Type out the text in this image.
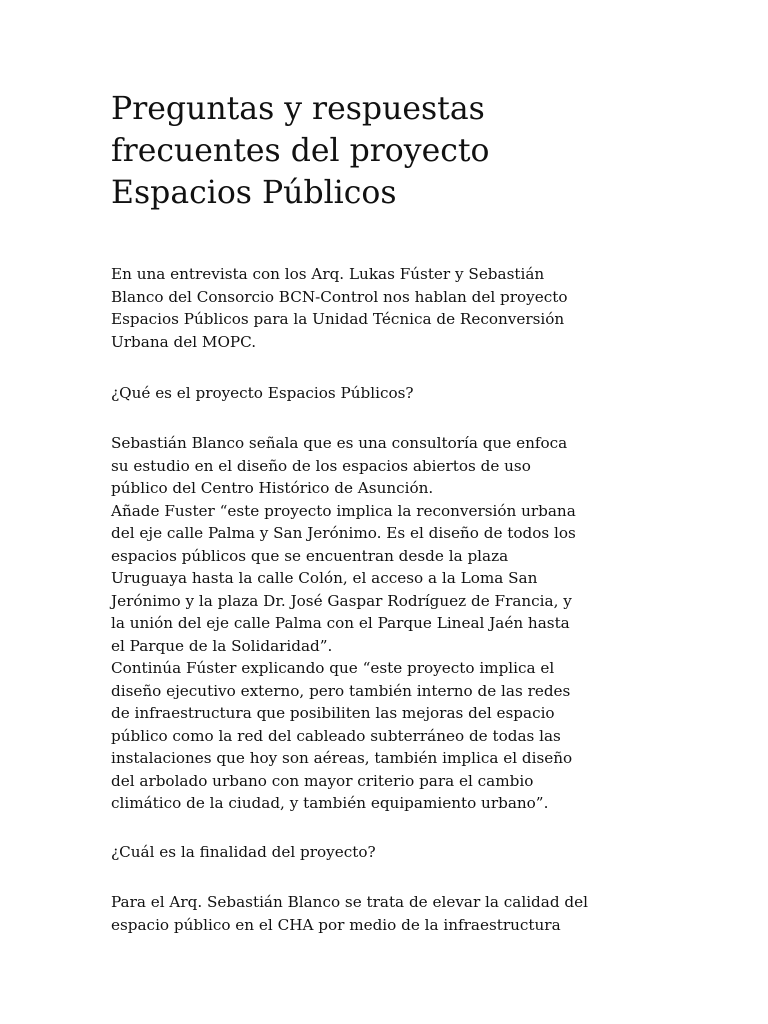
Preguntas y respuestas
frecuentes del proyecto
Espacios Públicos

En una entrevista con los Arq. Lukas Fúster y Sebastián
Blanco del Consorcio BCN-Control nos hablan del proyecto
Espacios Públicos para la Unidad Técnica de Reconversión
Urbana del MOPC.

¿Qué es el proyecto Espacios Públicos?

Sebastián Blanco señala que es una consultoría que enfoca
su estudio en el diseño de los espacios abiertos de uso
público del Centro Histórico de Asunción.
Añade Fuster “este proyecto implica la reconversión urbana
del eje calle Palma y San Jerónimo. Es el diseño de todos los
espacios públicos que se encuentran desde la plaza
Uruguaya hasta la calle Colón, el acceso a la Loma San
Jerónimo y la plaza Dr. José Gaspar Rodríguez de Francia, y
la unión del eje calle Palma con el Parque Lineal Jaén hasta
el Parque de la Solidaridad”.
Continúa Fúster explicando que “este proyecto implica el
diseño ejecutivo externo, pero también interno de las redes
de infraestructura que posibiliten las mejoras del espacio
público como la red del cableado subterráneo de todas las
instalaciones que hoy son aéreas, también implica el diseño
del arbolado urbano con mayor criterio para el cambio
climático de la ciudad, y también equipamiento urbano”.

¿Cuál es la finalidad del proyecto?

Para el Arq. Sebastián Blanco se trata de elevar la calidad del
espacio público en el CHA por medio de la infraestructura
